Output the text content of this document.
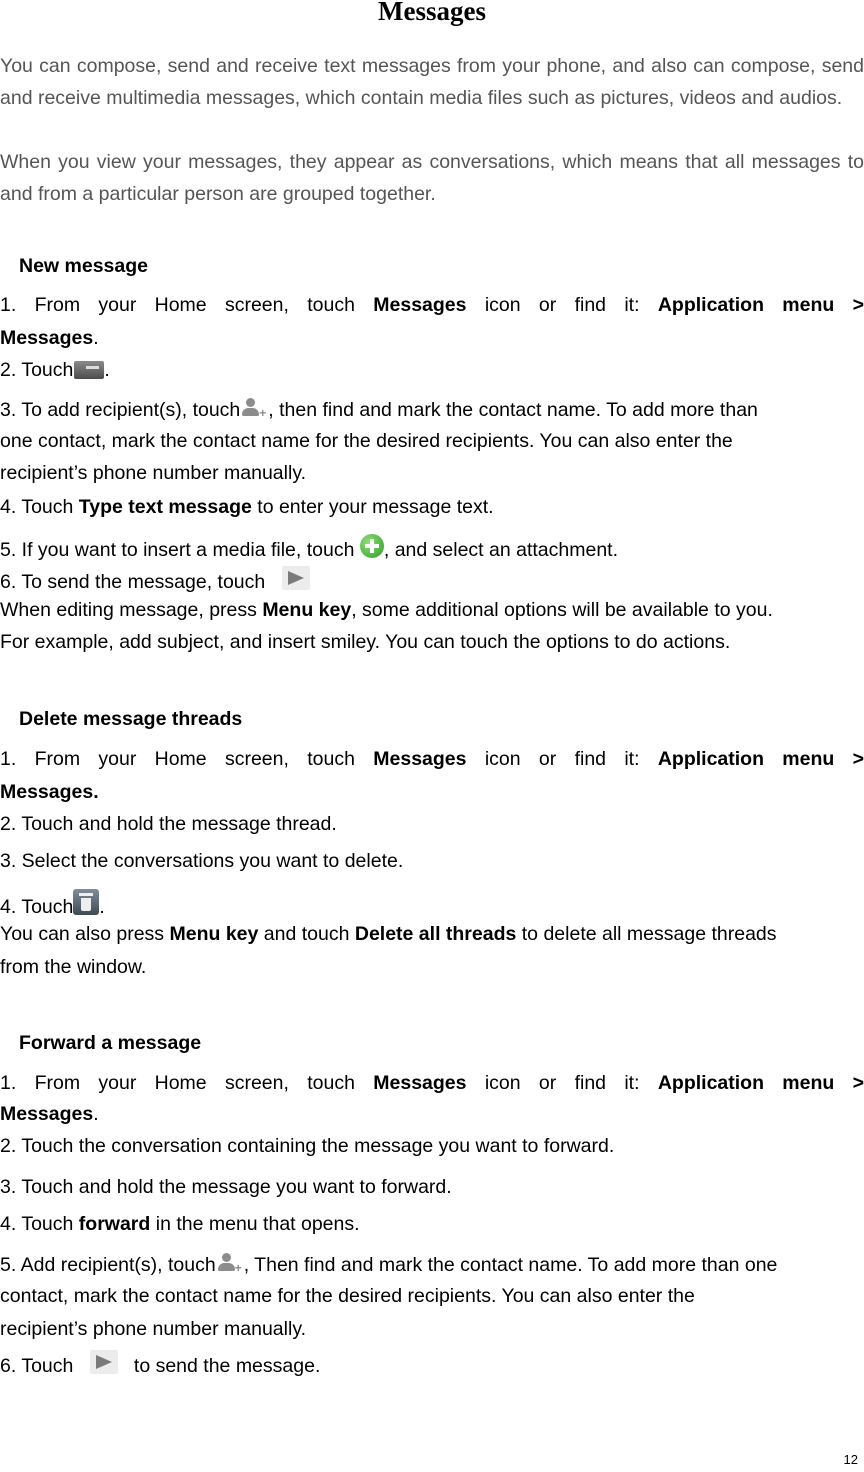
Messages

You can compose, send and receive text messages from your phone, and also can compose, send and receive multimedia messages, which contain media files such as pictures, videos and audios.

When you view your messages, they appear as conversations, which means that all messages to and from a particular person are grouped together.

New message

1. From your Home screen, touch Messages icon or find it: Application menu >

Messages.

2. Touch .

3. To add recipient(s), touch + , then find and mark the contact name. To add more than

one contact, mark the contact name for the desired recipients. You can also enter the

recipient’s phone number manually.

4. Touch Type text message to enter your message text.

5. If you want to insert a media file, touch , and select an attachment.

6. To send the message, touch

When editing message, press Menu key, some additional options will be available to you.

For example, add subject, and insert smiley. You can touch the options to do actions.

Delete message threads

1. From your Home screen, touch Messages icon or find it: Application menu >

Messages.

2. Touch and hold the message thread.

3. Select the conversations you want to delete.

4. Touch .

You can also press Menu key and touch Delete all threads to delete all message threads

from the window.

Forward a message

1. From your Home screen, touch Messages icon or find it: Application menu >

Messages.

2. Touch the conversation containing the message you want to forward.

3. Touch and hold the message you want to forward.

4. Touch forward in the menu that opens.

5. Add recipient(s), touch + , Then find and mark the contact name. To add more than one

contact, mark the contact name for the desired recipients. You can also enter the

recipient’s phone number manually.

6. Touch	to send the message.

12
